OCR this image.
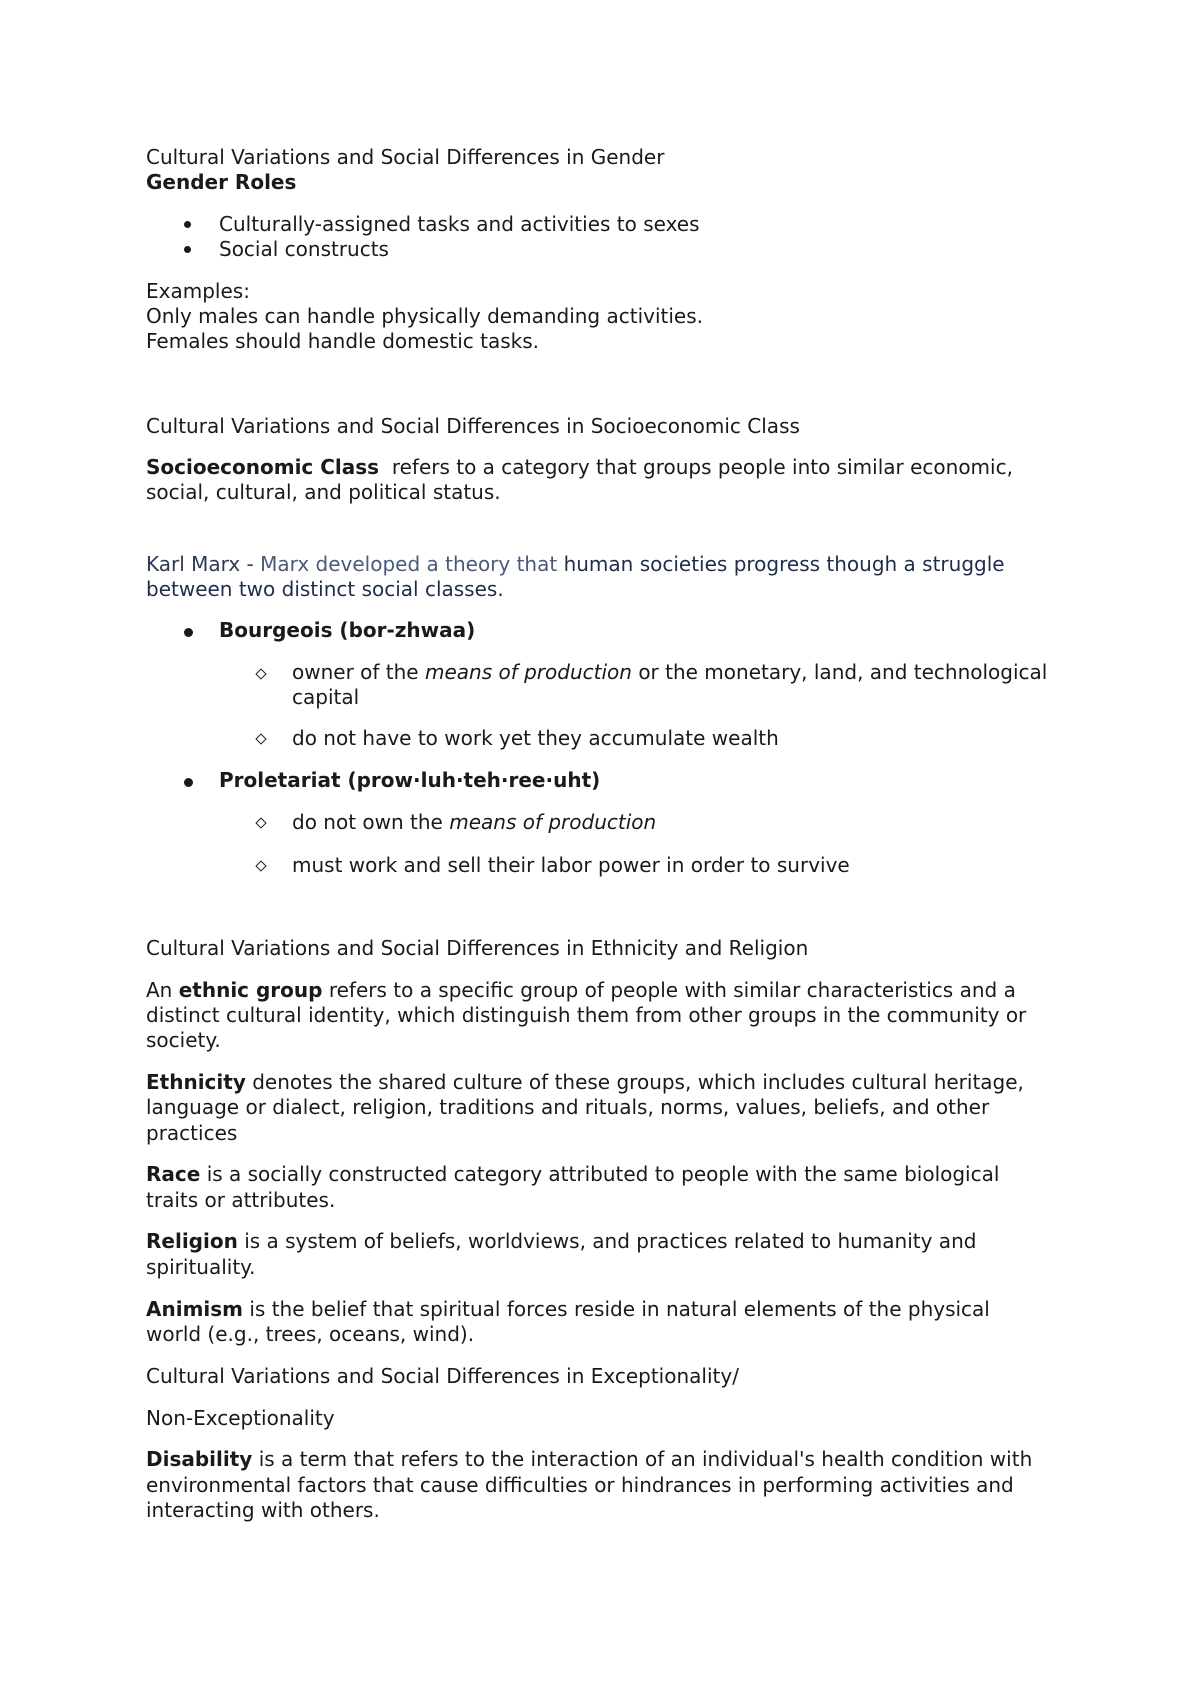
Cultural Variations and Social Differences in Gender
Gender Roles
Culturally-assigned tasks and activities to sexes
Social constructs
Examples:
Only males can handle physically demanding activities.
Females should handle domestic tasks.
Cultural Variations and Social Differences in Socioeconomic Class
Socioeconomic Class refers to a category that groups people into similar economic,
social, cultural, and political status.
Karl Marx - Marx developed a theory that human societies progress though a struggle
between two distinct social classes.
Bourgeois (bor-zhwaa)
owner of the means of production or the monetary, land, and technological
capital
do not have to work yet they accumulate wealth
Proletariat (prow·luh·teh·ree·uht)
do not own the means of production
must work and sell their labor power in order to survive
Cultural Variations and Social Differences in Ethnicity and Religion
An ethnic group refers to a specific group of people with similar characteristics and a
distinct cultural identity, which distinguish them from other groups in the community or
society.
Ethnicity denotes the shared culture of these groups, which includes cultural heritage,
language or dialect, religion, traditions and rituals, norms, values, beliefs, and other
practices
Race is a socially constructed category attributed to people with the same biological
traits or attributes.
Religion is a system of beliefs, worldviews, and practices related to humanity and
spirituality.
Animism is the belief that spiritual forces reside in natural elements of the physical
world (e.g., trees, oceans, wind).
Cultural Variations and Social Differences in Exceptionality/
Non-Exceptionality
Disability is a term that refers to the interaction of an individual's health condition with
environmental factors that cause difficulties or hindrances in performing activities and
interacting with others.
